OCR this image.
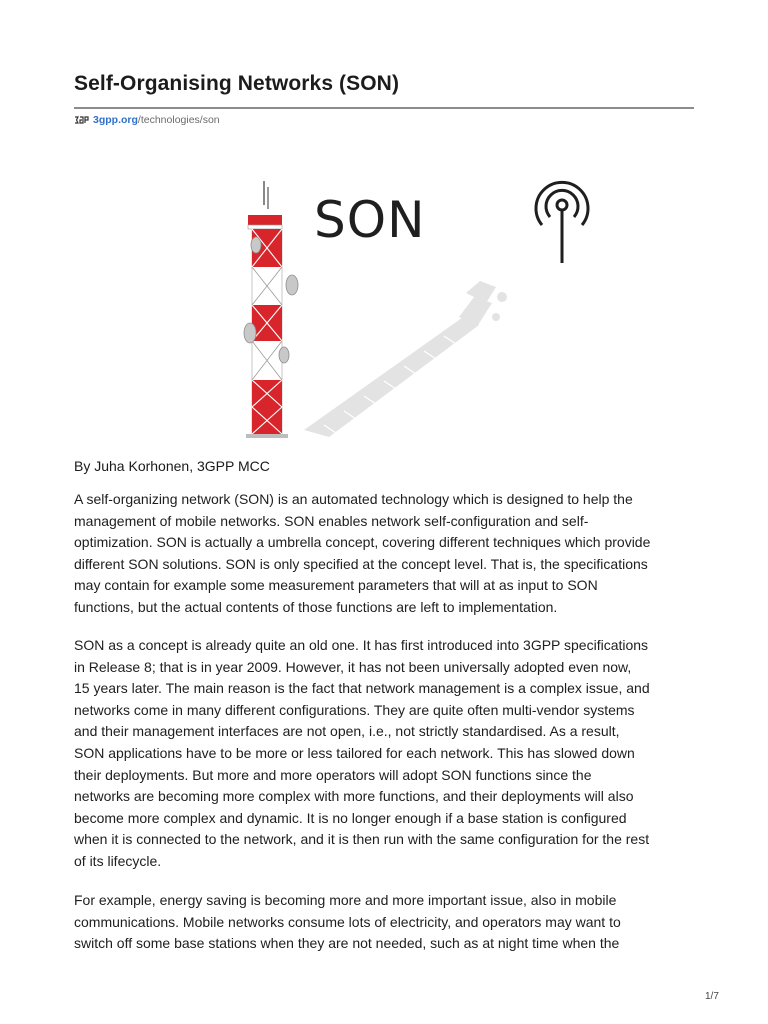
Self-Organising Networks (SON)
3gpp.org /technologies/son
SON

By Juha Korhonen, 3GPP MCC

A self-organizing network (SON) is an automated technology which is designed to help the
management of mobile networks. SON enables network self-configuration and self-
optimization. SON is actually a umbrella concept, covering different techniques which provide
different SON solutions. SON is only specified at the concept level. That is, the specifications
may contain for example some measurement parameters that will at as input to SON
functions, but the actual contents of those functions are left to implementation.

SON as a concept is already quite an old one. It has first introduced into 3GPP specifications
in Release 8; that is in year 2009. However, it has not been universally adopted even now,
15 years later. The main reason is the fact that network management is a complex issue, and
networks come in many different configurations. They are quite often multi-vendor systems
and their management interfaces are not open, i.e., not strictly standardised. As a result,
SON applications have to be more or less tailored for each network. This has slowed down
their deployments. But more and more operators will adopt SON functions since the
networks are becoming more complex with more functions, and their deployments will also
become more complex and dynamic. It is no longer enough if a base station is configured
when it is connected to the network, and it is then run with the same configuration for the rest
of its lifecycle.

For example, energy saving is becoming more and more important issue, also in mobile
communications. Mobile networks consume lots of electricity, and operators may want to
switch off some base stations when they are not needed, such as at night time when the

1/7
